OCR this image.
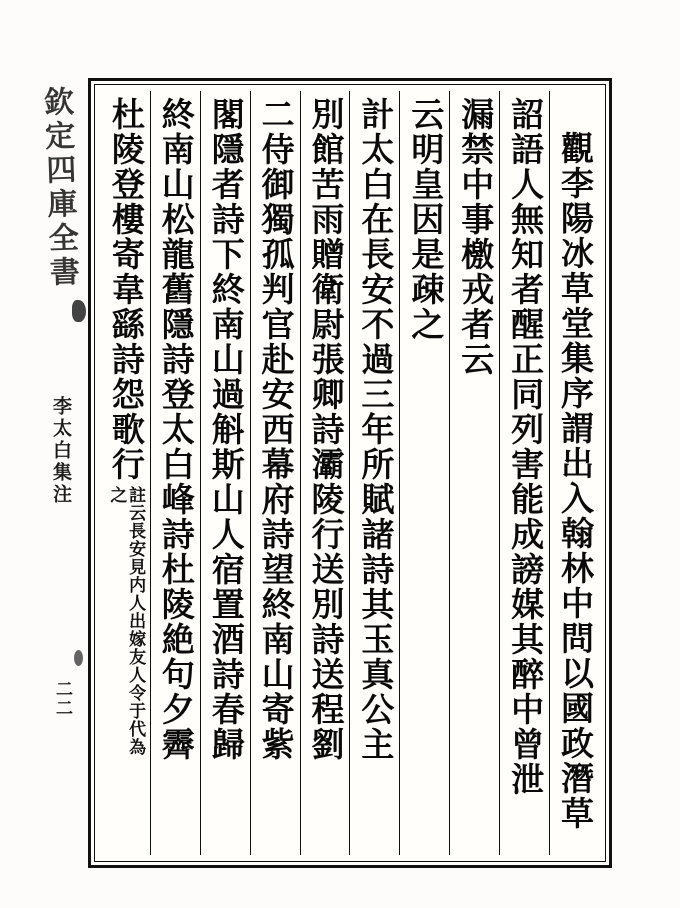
欽定四庫全書
李太白集注
二二	觀李陽冰草堂集序謂出入翰林中問以國政潛草
詔語人無知者醒正同列害能成謗媒其醉中曾泄
漏禁中事檄戎者云
云明皇因是疎之
計太白在長安不過三年所賦諸詩其玉真公主
別館苦雨贈衛尉張卿詩灞陵行送別詩送程劉
二侍御獨孤判官赴安西幕府詩望終南山寄紫
閣隱者詩下終南山過斛斯山人宿置酒詩春歸
終南山松龍舊隱詩登太白峰詩杜陵絶句夕霽
杜陵登樓寄韋繇詩怨歌行
註云長安見内人出嫁友人令于代為之
